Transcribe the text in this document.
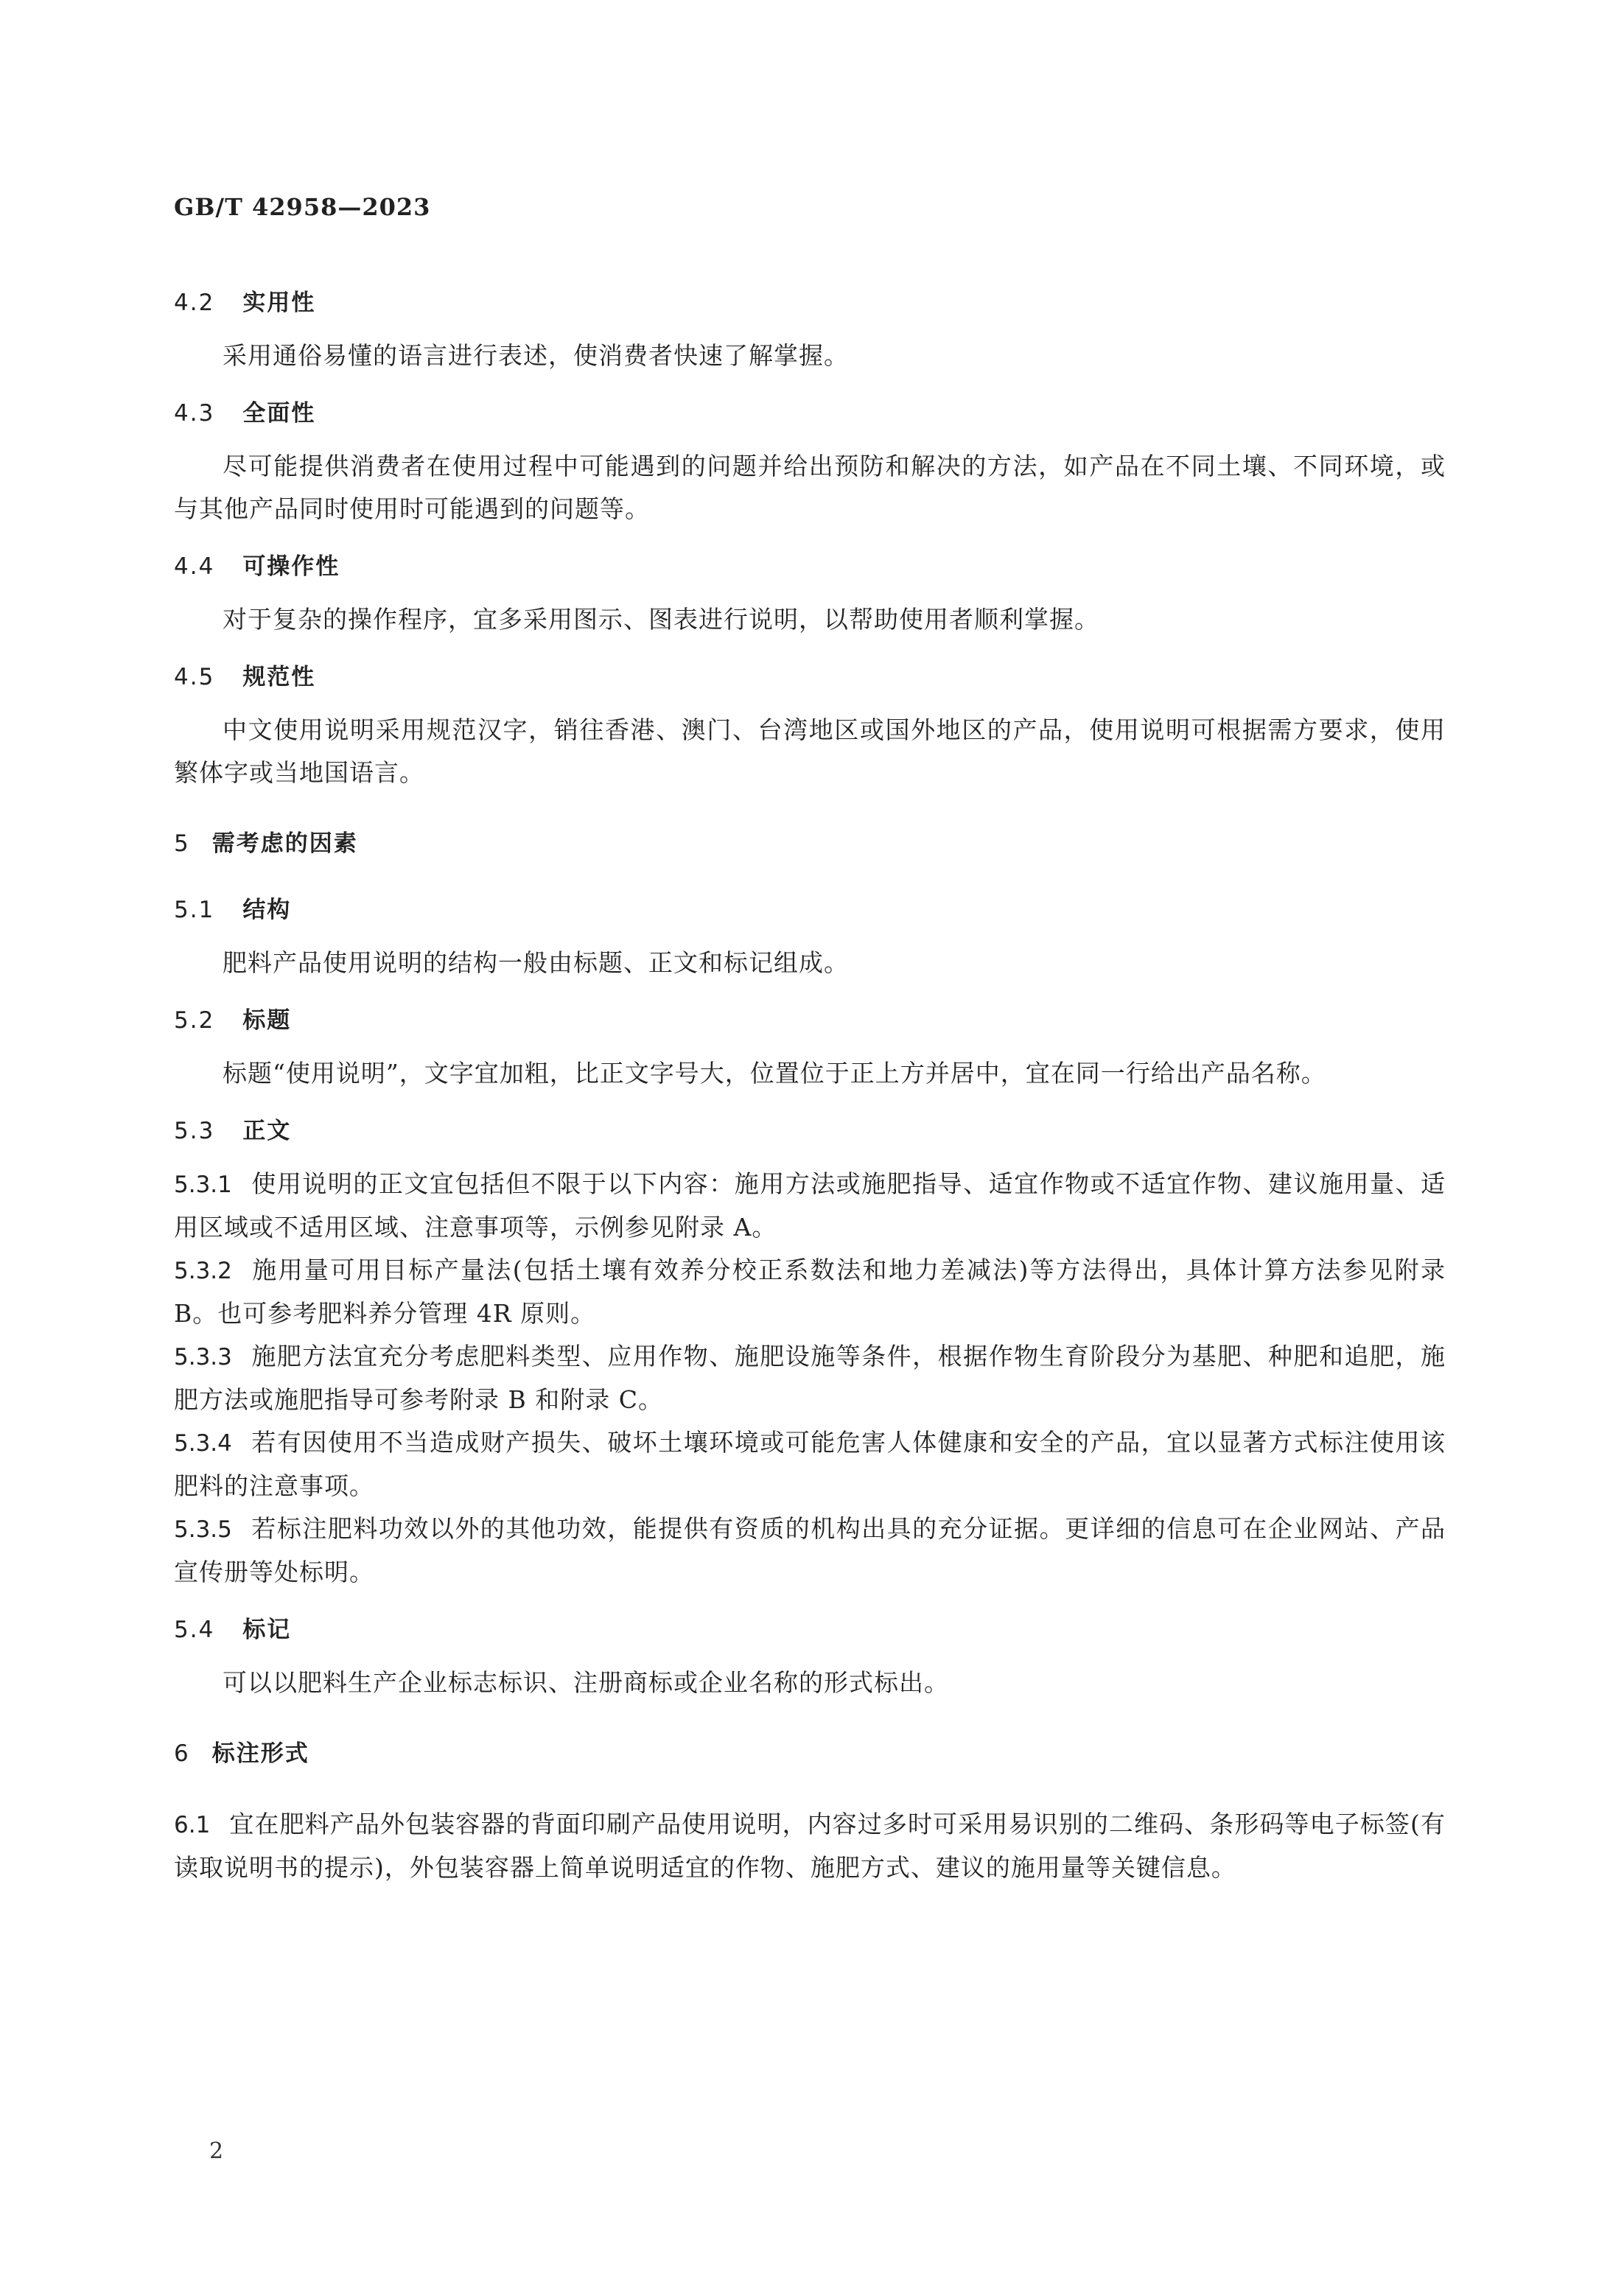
GB/T 42958—2023
4.2 实用性
采用通俗易懂的语言进行表述，使消费者快速了解掌握。
4.3 全面性
尽可能提供消费者在使用过程中可能遇到的问题并给出预防和解决的方法，如产品在不同土壤、不同环境，或与其他产品同时使用时可能遇到的问题等。
4.4 可操作性
对于复杂的操作程序，宜多采用图示、图表进行说明，以帮助使用者顺利掌握。
4.5 规范性
中文使用说明采用规范汉字，销往香港、澳门、台湾地区或国外地区的产品，使用说明可根据需方要求，使用繁体字或当地国语言。
5 需考虑的因素
5.1 结构
肥料产品使用说明的结构一般由标题、正文和标记组成。
5.2 标题
标题“使用说明”，文字宜加粗，比正文字号大，位置位于正上方并居中，宜在同一行给出产品名称。
5.3 正文
5.3.1 使用说明的正文宜包括但不限于以下内容：施用方法或施肥指导、适宜作物或不适宜作物、建议施用量、适用区域或不适用区域、注意事项等，示例参见附录 A。
5.3.2 施用量可用目标产量法(包括土壤有效养分校正系数法和地力差减法)等方法得出，具体计算方法参见附录 B。也可参考肥料养分管理 4R 原则。
5.3.3 施肥方法宜充分考虑肥料类型、应用作物、施肥设施等条件，根据作物生育阶段分为基肥、种肥和追肥，施肥方法或施肥指导可参考附录 B 和附录 C。
5.3.4 若有因使用不当造成财产损失、破坏土壤环境或可能危害人体健康和安全的产品，宜以显著方式标注使用该肥料的注意事项。
5.3.5 若标注肥料功效以外的其他功效，能提供有资质的机构出具的充分证据。更详细的信息可在企业网站、产品宣传册等处标明。
5.4 标记
可以以肥料生产企业标志标识、注册商标或企业名称的形式标出。
6 标注形式
6.1 宜在肥料产品外包装容器的背面印刷产品使用说明，内容过多时可采用易识别的二维码、条形码等电子标签(有读取说明书的提示)，外包装容器上简单说明适宜的作物、施肥方式、建议的施用量等关键信息。
2
